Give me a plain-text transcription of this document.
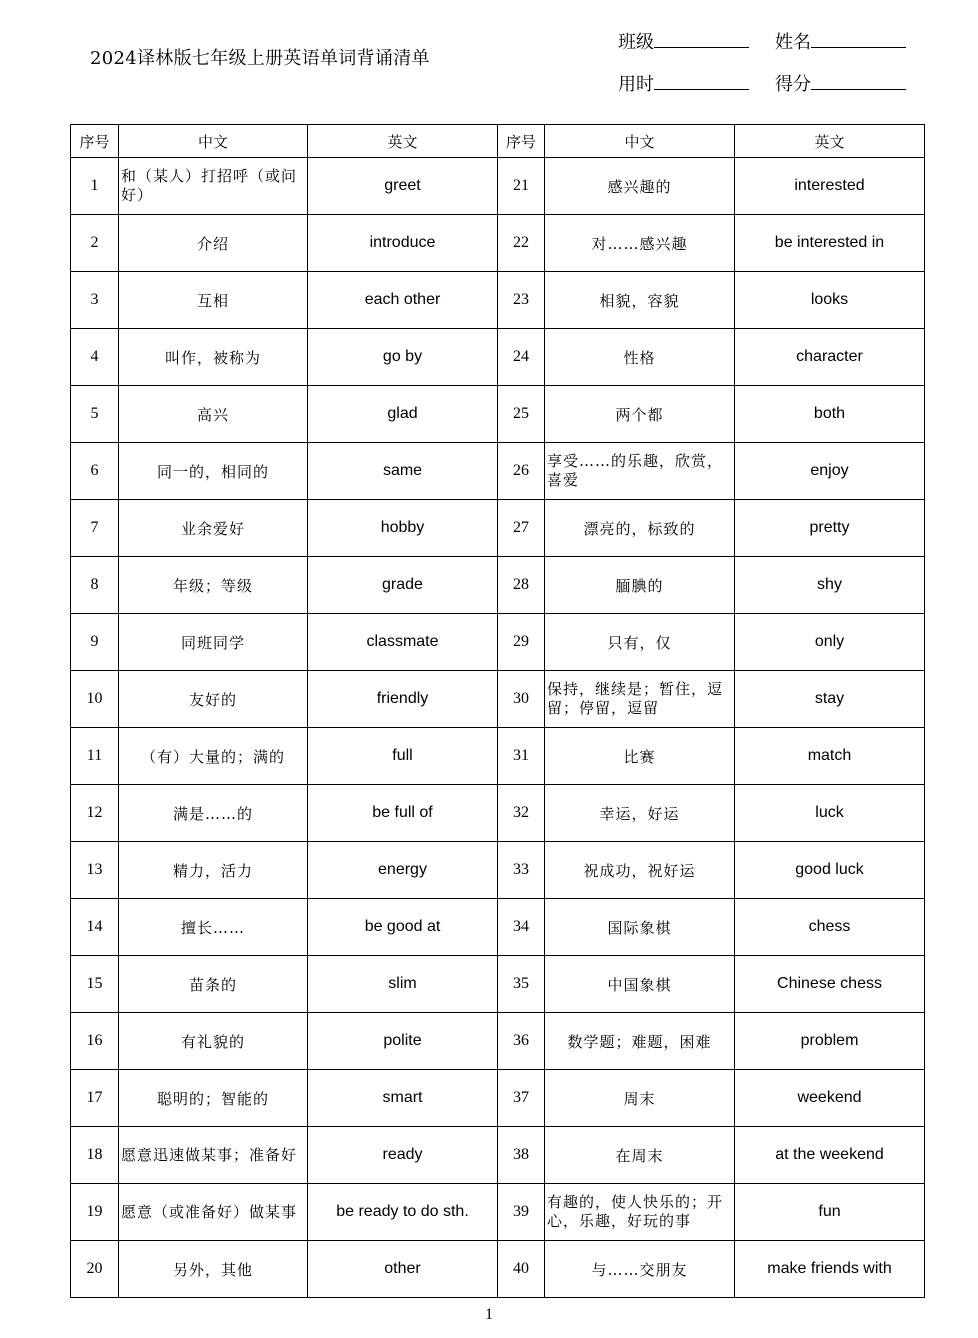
2024译林版七年级上册英语单词背诵清单
班级	姓名
用时	得分
序号	中文	英文	序号	中文	英文
1	和（某人）打招呼（或问好）	greet	21	感兴趣的	interested
2	介绍	introduce	22	对……感兴趣	be interested in
3	互相	each other	23	相貌，容貌	looks
4	叫作，被称为	go by	24	性格	character
5	高兴	glad	25	两个都	both
6	同一的，相同的	same	26	享受……的乐趣，欣赏，喜爱	enjoy
7	业余爱好	hobby	27	漂亮的，标致的	pretty
8	年级；等级	grade	28	腼腆的	shy
9	同班同学	classmate	29	只有，仅	only
10	友好的	friendly	30	保持，继续是；暂住，逗留；停留，逗留	stay
11	（有）大量的；满的	full	31	比赛	match
12	满是……的	be full of	32	幸运，好运	luck
13	精力，活力	energy	33	祝成功，祝好运	good luck
14	擅长……	be good at	34	国际象棋	chess
15	苗条的	slim	35	中国象棋	Chinese chess
16	有礼貌的	polite	36	数学题；难题，困难	problem
17	聪明的；智能的	smart	37	周末	weekend
18	愿意迅速做某事；准备好	ready	38	在周末	at the weekend
19	愿意（或准备好）做某事	be ready to do sth.	39	有趣的，使人快乐的；开心，乐趣，好玩的事	fun
20	另外，其他	other	40	与……交朋友	make friends with
1
